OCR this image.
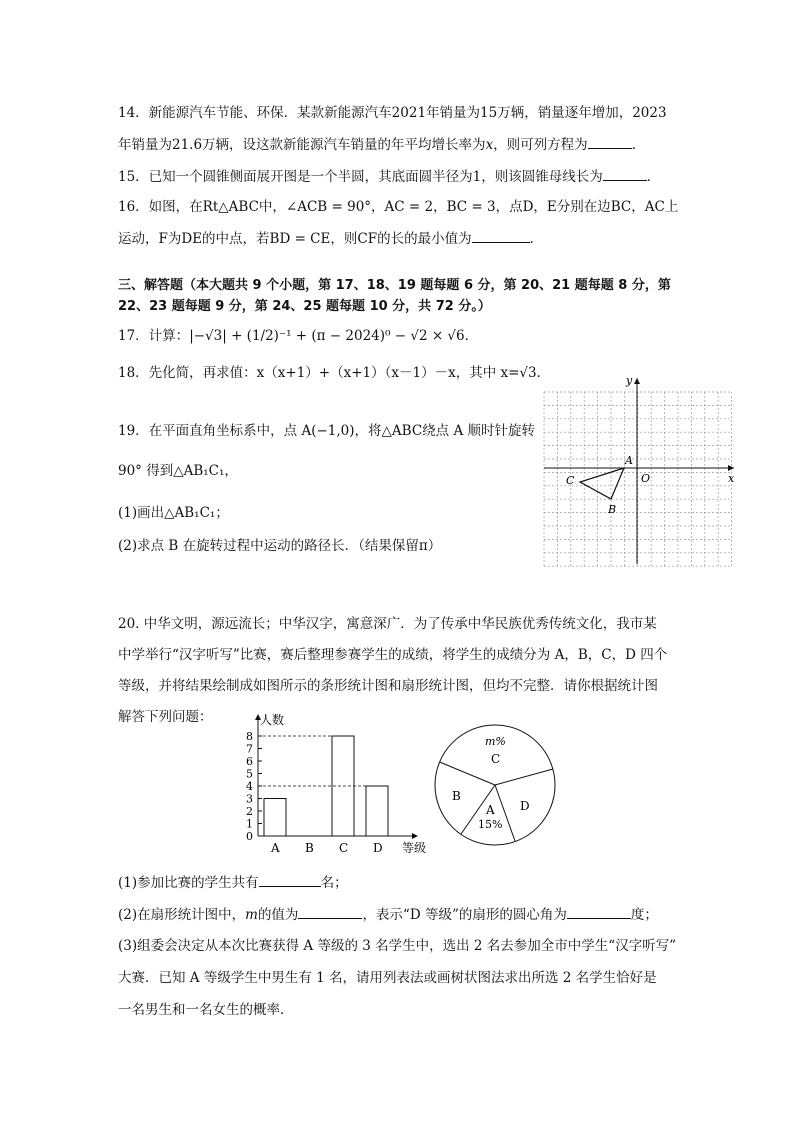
14．新能源汽车节能、环保．某款新能源汽车2021年销量为15万辆，销量逐年增加，2023
年销量为21.6万辆，设这款新能源汽车销量的年平均增长率为x，则可列方程为	．
15．已知一个圆锥侧面展开图是一个半圆，其底面圆半径为1，则该圆锥母线长为	．
16．如图，在Rt△ABC中，∠ACB = 90°，AC = 2，BC = 3，点D，E分别在边BC，AC上
运动，F为DE的中点，若BD = CE，则CF的长的最小值为	．
三、解答题（本大题共 9 个小题，第 17、18、19 题每题 6 分，第 20、21 题每题 8 分，第
22、23 题每题 9 分，第 24、25 题每题 10 分，共 72 分。）
17．计算：|−√3| + (1/2)⁻¹ + (π − 2024)⁰ − √2 × √6．
18．先化简，再求值：x（x+1）+（x+1）（x－1）－x，其中 x=√3．
19．在平面直角坐标系中，点 A(−1,0)，将△ABC绕点 A 顺时针旋转
90° 得到△AB₁C₁，
(1)画出△AB₁C₁；
(2)求点 B 在旋转过程中运动的路径长．（结果保留π）
x
y
O
A
B
C
20. 中华文明，源远流长；中华汉字，寓意深广．为了传承中华民族优秀传统文化，我市某
中学举行“汉字听写”比赛，赛后整理参赛学生的成绩，将学生的成绩分为 A，B，C，D 四个
等级，并将结果绘制成如图所示的条形统计图和扇形统计图，但均不完整．请你根据统计图
解答下列问题：	人数
等级
0
1
2
3
4
5
6
7
8
A B C D
m%
C
D
A
15%
B
(1)参加比赛的学生共有	名；
(2)在扇形统计图中，m的值为	，表示“D 等级”的扇形的圆心角为	度；
(3)组委会决定从本次比赛获得 A 等级的 3 名学生中，选出 2 名去参加全市中学生“汉字听写”
大赛．已知 A 等级学生中男生有 1 名，请用列表法或画树状图法求出所选 2 名学生恰好是
一名男生和一名女生的概率．
